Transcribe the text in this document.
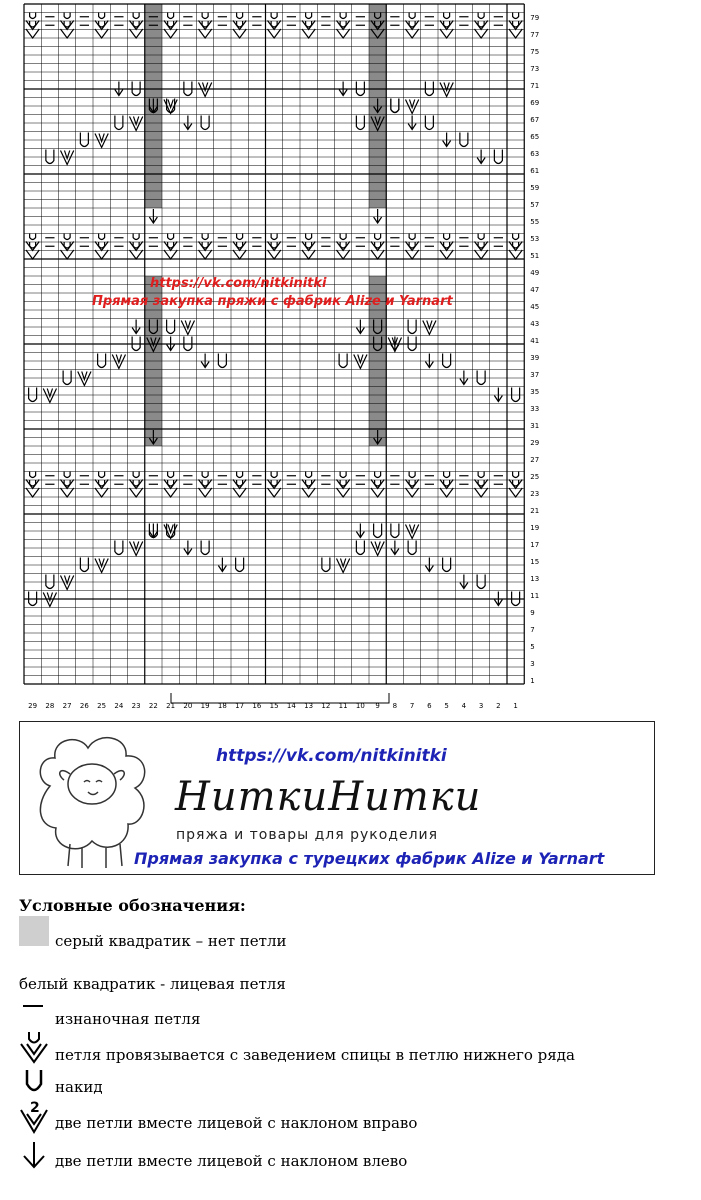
79
77
75
73
71
69
67
65
63
61
59
57
55
53
51
49
47
45
43
41
39
37
35
33
31
29
27
25
23
21
19
17
15
13
11
9
7
5
3
1
29 28 27 26 25 24 23 22 21 20 19 18 17 16 15 14 13 12 11 10 9 8 7 6 5 4 3 2 1
https://vk.com/nitkinitki
Прямая закупка пряжи с фабрик Alize и Yarnart
https://vk.com/nitkinitki
НиткиНитки
пряжа и товары для рукоделия
Прямая закупка с турецких фабрик Alize и Yarnart
Условные обозначения:
серый квадратик – нет петли
белый квадратик - лицевая петля
изнаночная петля
петля провязывается с заведением спицы в петлю нижнего ряда
накид
2
две петли вместе лицевой с наклоном вправо
две петли вместе лицевой с наклоном влево
